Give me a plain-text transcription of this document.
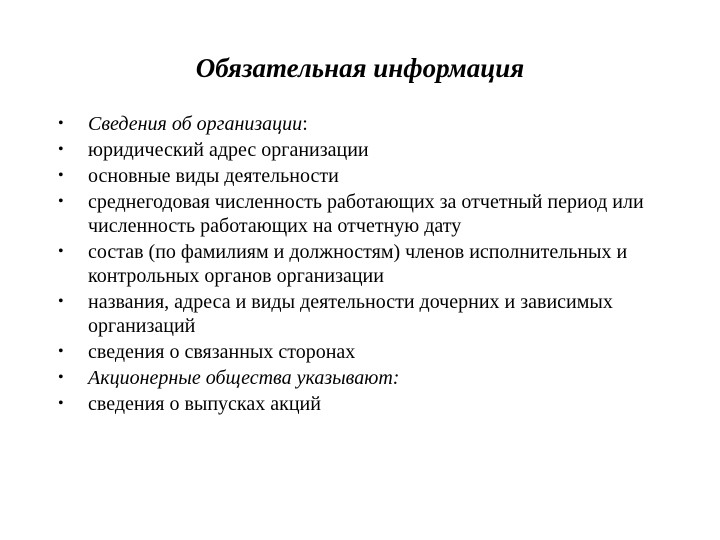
Обязательная информация
•	Сведения об организации:
•	юридический адрес организации
•	основные виды деятельности
•	среднегодовая численность работающих за отчетный период или численность работающих на отчетную дату
•	состав (по фамилиям и должностям) членов исполнительных и контрольных органов организации
•	названия, адреса и виды деятельности дочерних и зависимых организаций
•	сведения о связанных сторонах
•	Акционерные общества указывают:
•	сведения о выпусках акций
